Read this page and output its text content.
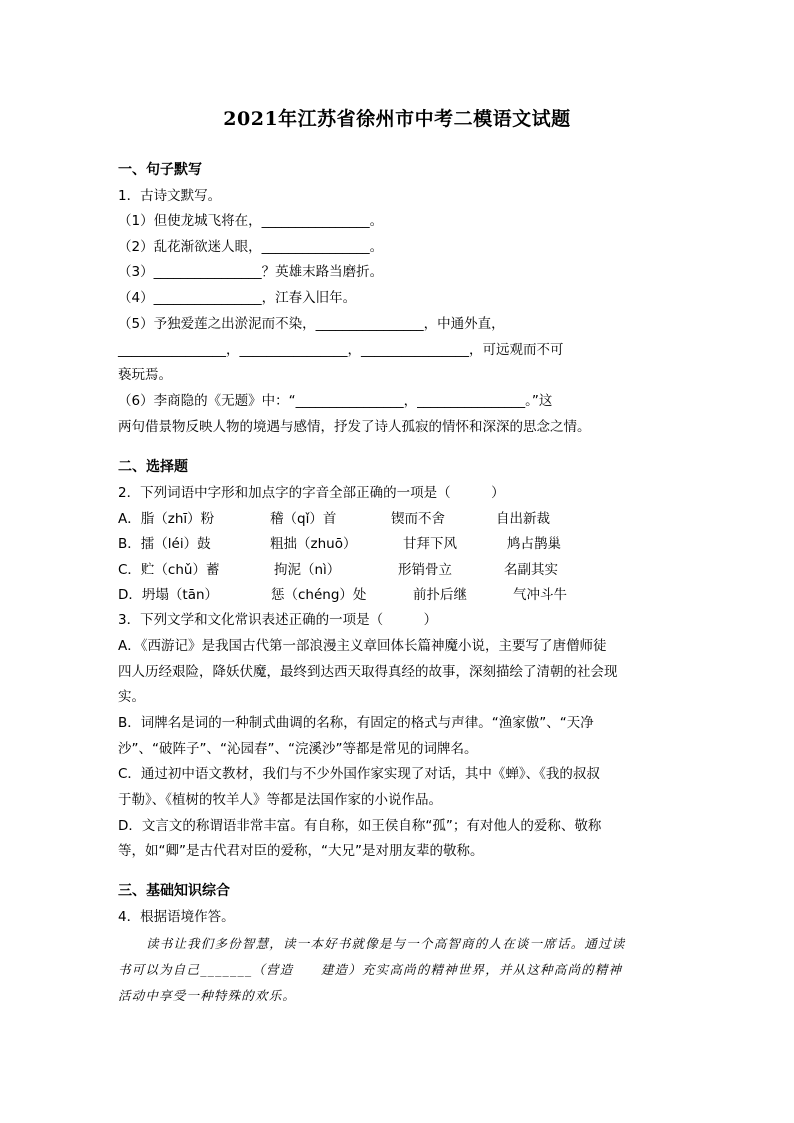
2021年江苏省徐州市中考二模语文试题
一、句子默写
1．古诗文默写。
（1）但使龙城飞将在，________________。
（2）乱花渐欲迷人眼，________________。
（3）________________？英雄末路当磨折。
（4）________________，江春入旧年。
（5）予独爱莲之出淤泥而不染，________________，中通外直，
________________，________________，________________，可远观而不可
亵玩焉。
（6）李商隐的《无题》中：“________________，________________。”这
两句借景物反映人物的境遇与感情，抒发了诗人孤寂的情怀和深深的思念之情。
二、选择题
2．下列词语中字形和加点字的字音全部正确的一项是（　　　）
A．脂（zhī）粉	稽（qǐ）首	锲而不舍	自出新裁
B．擂（léi）鼓	粗拙（zhuō）	甘拜下风	鸠占鹊巢
C．贮（chǔ）蓄	拘泥（nì）	形销骨立	名副其实
D．坍塌（tān）	惩（chéng）处	前扑后继	气冲斗牛
3．下列文学和文化常识表述正确的一项是（　　　）
A．《西游记》是我国古代第一部浪漫主义章回体长篇神魔小说，主要写了唐僧师徒
四人历经艰险，降妖伏魔，最终到达西天取得真经的故事，深刻描绘了清朝的社会现
实。
B．词牌名是词的一种制式曲调的名称，有固定的格式与声律。“渔家傲”、“天净
沙”、“破阵子”、“沁园春”、“浣溪沙”等都是常见的词牌名。
C．通过初中语文教材，我们与不少外国作家实现了对话，其中《蝉》、《我的叔叔
于勒》、《植树的牧羊人》等都是法国作家的小说作品。
D．文言文的称谓语非常丰富。有自称，如王侯自称“孤”；有对他人的爱称、敬称
等，如“卿”是古代君对臣的爱称，“大兄”是对朋友辈的敬称。
三、基础知识综合
4．根据语境作答。
读书让我们多份智慧，读一本好书就像是与一个高智商的人在谈一席话。通过读
书可以为自己_______（营造　　建造）充实高尚的精神世界，并从这种高尚的精神
活动中享受一种特殊的欢乐。
